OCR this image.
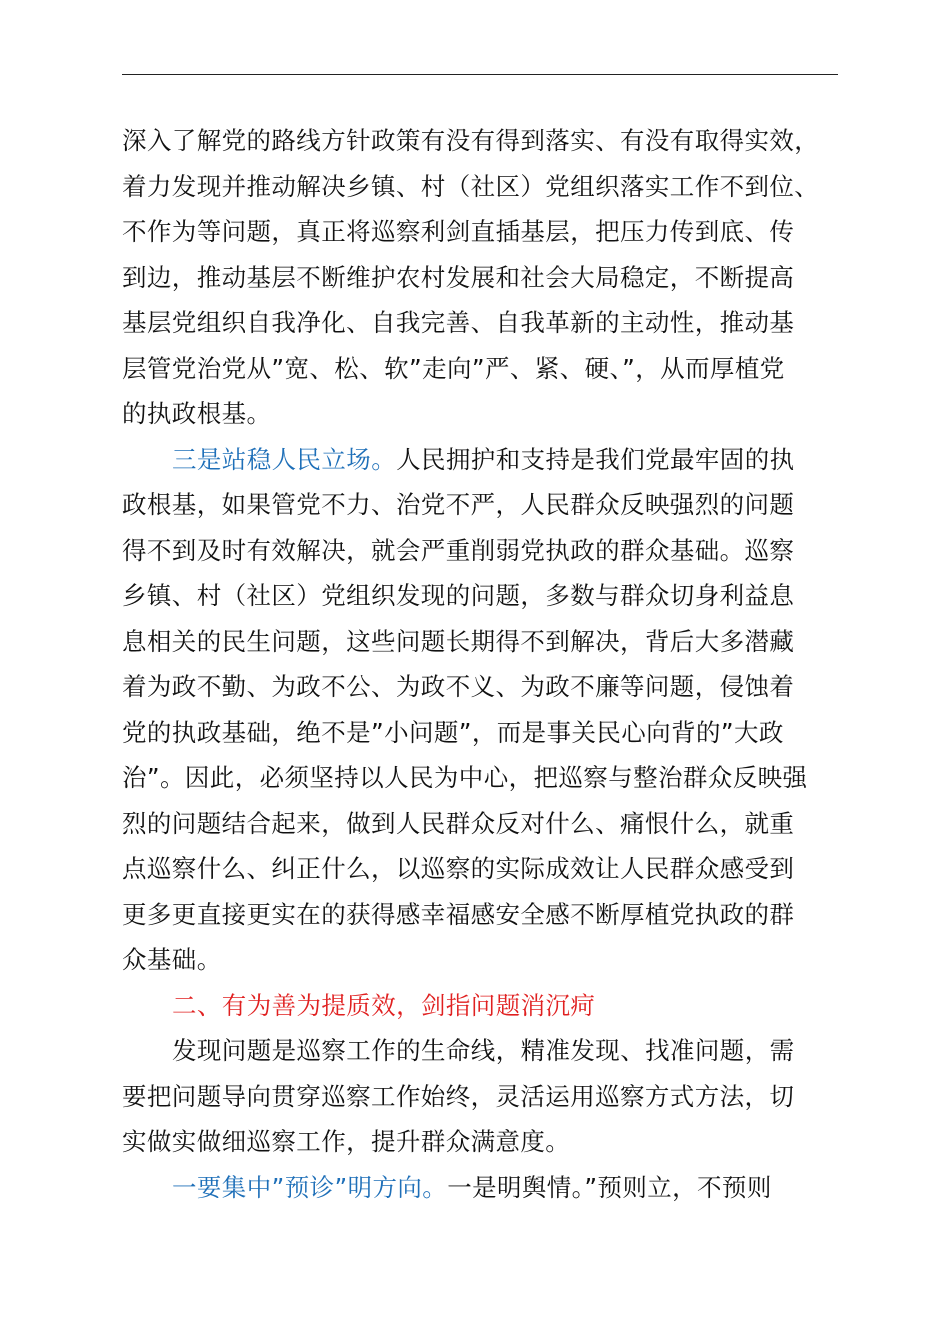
深入了解党的路线方针政策有没有得到落实、有没有取得实效，
着力发现并推动解决乡镇、村（社区）党组织落实工作不到位、
不作为等问题，真正将巡察利剑直插基层，把压力传到底、传
到边，推动基层不断维护农村发展和社会大局稳定，不断提高
基层党组织自我净化、自我完善、自我革新的主动性，推动基
层管党治党从”宽、松、软”走向”严、紧、硬、”，从而厚植党
的执政根基。
三是站稳人民立场。人民拥护和支持是我们党最牢固的执
政根基，如果管党不力、治党不严，人民群众反映强烈的问题
得不到及时有效解决，就会严重削弱党执政的群众基础。巡察
乡镇、村（社区）党组织发现的问题，多数与群众切身利益息
息相关的民生问题，这些问题长期得不到解决，背后大多潜藏
着为政不勤、为政不公、为政不义、为政不廉等问题，侵蚀着
党的执政基础，绝不是”小问题”，而是事关民心向背的”大政
治”。因此，必须坚持以人民为中心，把巡察与整治群众反映强
烈的问题结合起来，做到人民群众反对什么、痛恨什么，就重
点巡察什么、纠正什么，以巡察的实际成效让人民群众感受到
更多更直接更实在的获得感幸福感安全感不断厚植党执政的群
众基础。
二、有为善为提质效，剑指问题消沉疴
发现问题是巡察工作的生命线，精准发现、找准问题，需
要把问题导向贯穿巡察工作始终，灵活运用巡察方式方法，切
实做实做细巡察工作，提升群众满意度。
一要集中”预诊”明方向。一是明舆情。”预则立，不预则
